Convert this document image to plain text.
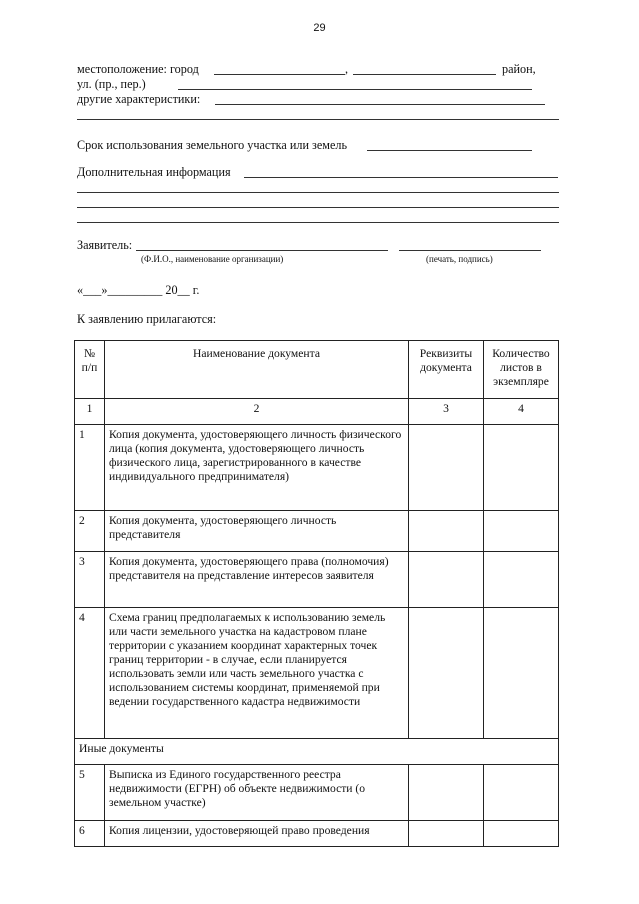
29
местоположение: город	,	район,
ул. (пр., пер.)
другие характеристики:
Срок использования земельного участка или земель
Дополнительная информация
Заявитель:
(Ф.И.О., наименование организации)	(печать, подпись)
«___»_________ 20__ г.
К заявлению прилагаются:
№ п/п	Наименование документа	Реквизиты документа	Количество листов в экземпляре
1	2	3	4
1	Копия документа, удостоверяющего личность физического лица (копия документа, удостоверяющего личность физического лица, зарегистрированного в качестве индивидуального предпринимателя)		
2	Копия документа, удостоверяющего личность представителя		
3	Копия документа, удостоверяющего права (полномочия) представителя на представление интересов заявителя		
4	Схема границ предполагаемых к использованию земель или части земельного участка на кадастровом плане территории с указанием координат характерных точек границ территории - в случае, если планируется использовать земли или часть земельного участка с использованием системы координат, применяемой при ведении государственного кадастра недвижимости		
Иные документы			
5	Выписка из Единого государственного реестра недвижимости (ЕГРН) об объекте недвижимости (о земельном участке)		
6	Копия лицензии, удостоверяющей право проведения		
